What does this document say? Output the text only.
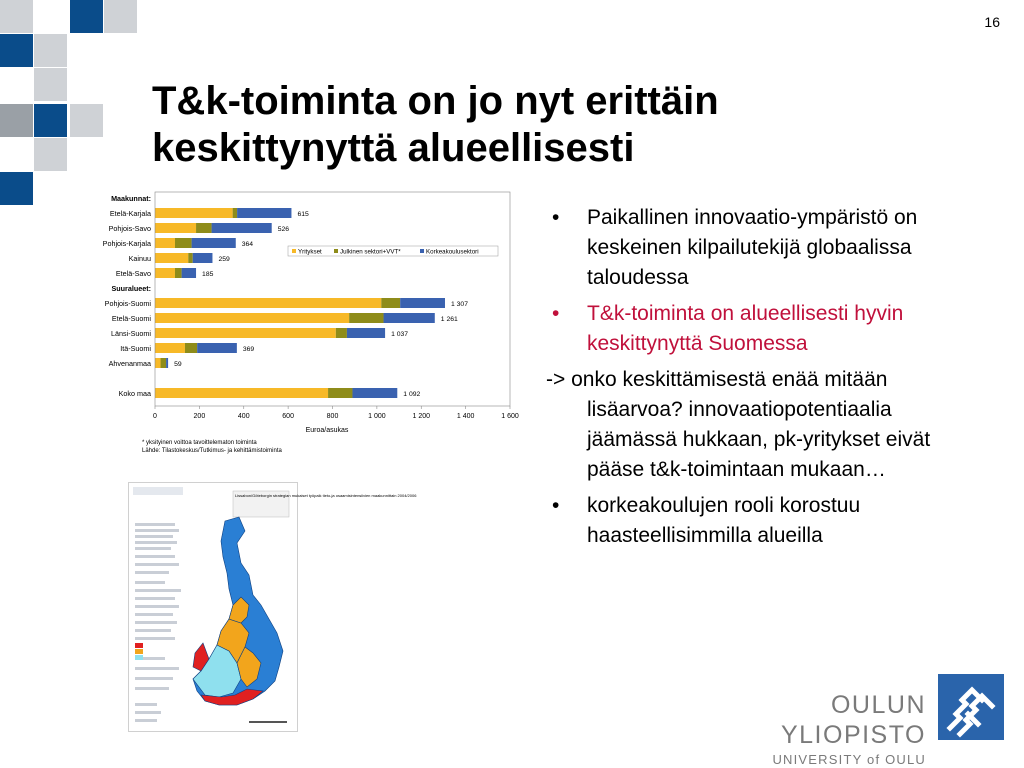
16
T&k-toiminta on jo nyt erittäin
keskittynyttä alueellisesti
Maakunnat:
Etelä-Karjala	615
Pohjois-Savo	526
Pohjois-Karjala	364
Kainuu	259
Etelä-Savo	185
Suuralueet:
Pohjois-Suomi	1 307
Etelä-Suomi	1 261
Länsi-Suomi	1 037
Itä-Suomi	369
Ahvenanmaa	59
Koko maa	1 092
0	200	400	600	800	1 000	1 200	1 400	1 600
Yritykset	Julkinen sektori+VVT*	Korkeakoulusektori
Euroa/asukas
* yksityinen voittoa tavoittelematon toiminta
Lähde: Tilastokeskus/Tutkimus- ja kehittämistoiminta
• Paikallinen innovaatio-ympäristö on keskeinen kilpailutekijä globaalissa taloudessa
• T&k-toiminta on alueellisesti hyvin keskittynyttä Suomessa
-> onko keskittämisestä enää mitään lisäarvoa? innovaatiopotentiaalia jäämässä hukkaan, pk-yritykset eivät pääse t&k-toimintaan mukaan…
• korkeakoulujen rooli korostuu haasteellisimmilla alueilla
Lissabon/Göteborgin strategian mukaiset työpaik tieto-ja osaamisintensiivien maakunnittain 2004/2006
OULUN YLIOPISTO
UNIVERSITY of OULU
